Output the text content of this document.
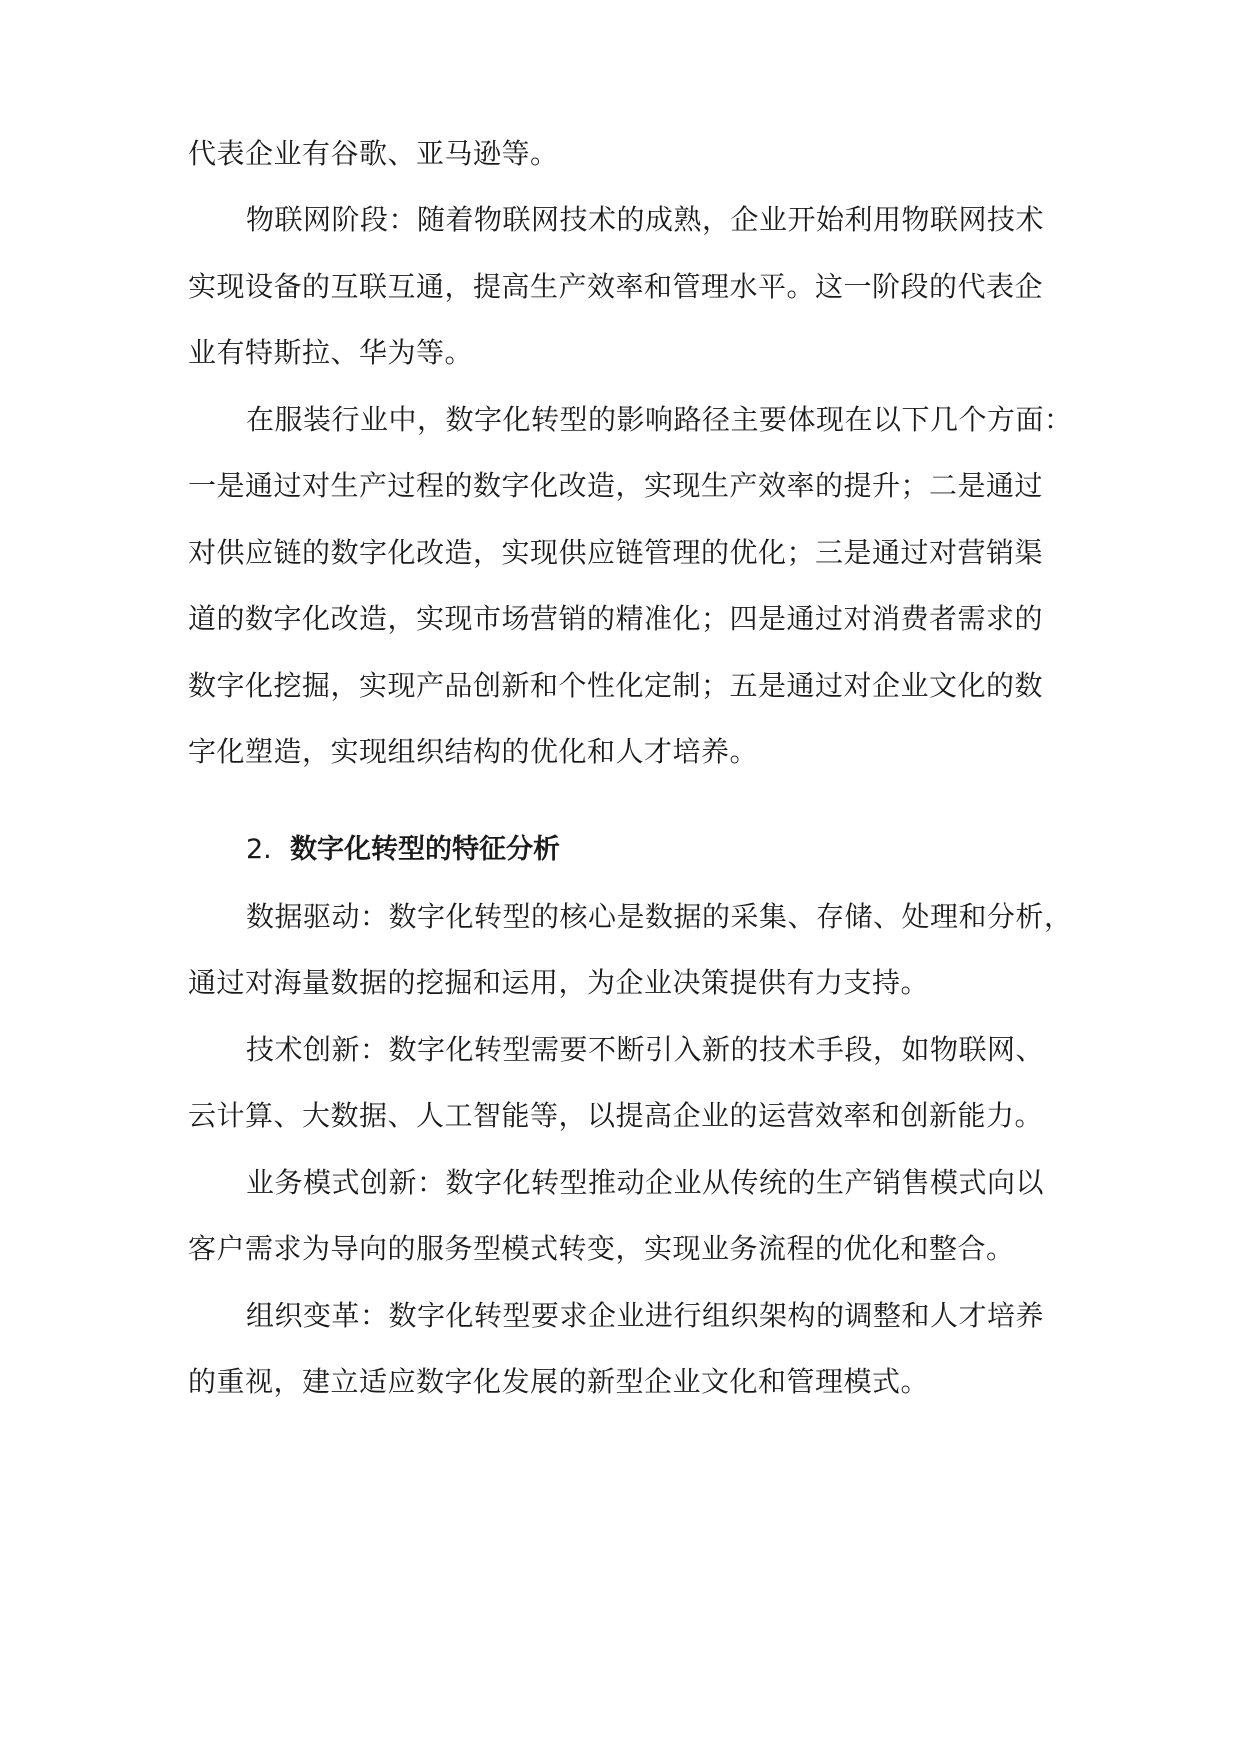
代表企业有谷歌、亚马逊等。
物联网阶段：随着物联网技术的成熟，企业开始利用物联网技术
实现设备的互联互通，提高生产效率和管理水平。这一阶段的代表企
业有特斯拉、华为等。
在服装行业中，数字化转型的影响路径主要体现在以下几个方面：
一是通过对生产过程的数字化改造，实现生产效率的提升；二是通过
对供应链的数字化改造，实现供应链管理的优化；三是通过对营销渠
道的数字化改造，实现市场营销的精准化；四是通过对消费者需求的
数字化挖掘，实现产品创新和个性化定制；五是通过对企业文化的数
字化塑造，实现组织结构的优化和人才培养。
2. 数字化转型的特征分析
数据驱动：数字化转型的核心是数据的采集、存储、处理和分析，
通过对海量数据的挖掘和运用，为企业决策提供有力支持。
技术创新：数字化转型需要不断引入新的技术手段，如物联网、
云计算、大数据、人工智能等，以提高企业的运营效率和创新能力。
业务模式创新：数字化转型推动企业从传统的生产销售模式向以
客户需求为导向的服务型模式转变，实现业务流程的优化和整合。
组织变革：数字化转型要求企业进行组织架构的调整和人才培养
的重视，建立适应数字化发展的新型企业文化和管理模式。
